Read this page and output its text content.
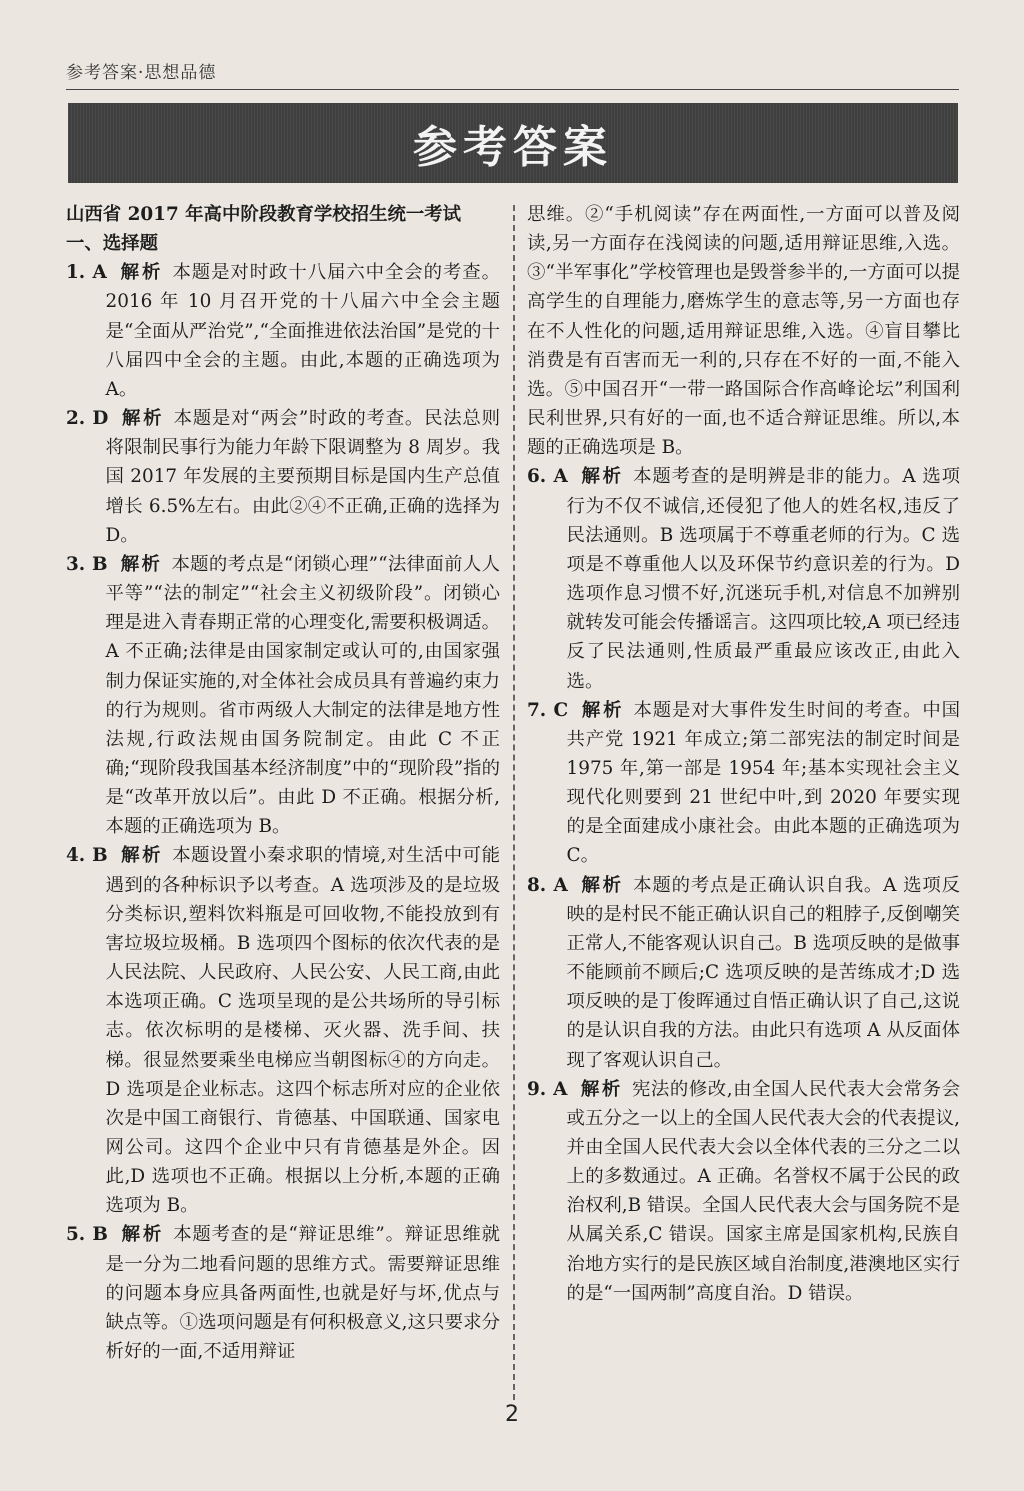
参考答案·思想品德
参考答案

山西省 2017 年高中阶段教育学校招生统一考试

一、选择题

1. A 解析 本题是对时政十八届六中全会的考查。2016 年 10 月召开党的十八届六中全会主题是“全面从严治党”,“全面推进依法治国”是党的十八届四中全会的主题。由此,本题的正确选项为 A。

2. D 解析 本题是对“两会”时政的考查。民法总则将限制民事行为能力年龄下限调整为 8 周岁。我国 2017 年发展的主要预期目标是国内生产总值增长 6.5%左右。由此②④不正确,正确的选择为 D。

3. B 解析 本题的考点是“闭锁心理”“法律面前人人平等”“法的制定”“社会主义初级阶段”。闭锁心理是进入青春期正常的心理变化,需要积极调适。A 不正确;法律是由国家制定或认可的,由国家强制力保证实施的,对全体社会成员具有普遍约束力的行为规则。省市两级人大制定的法律是地方性法规,行政法规由国务院制定。由此 C 不正确;“现阶段我国基本经济制度”中的“现阶段”指的是“改革开放以后”。由此 D 不正确。根据分析,本题的正确选项为 B。

4. B 解析 本题设置小秦求职的情境,对生活中可能遇到的各种标识予以考查。A 选项涉及的是垃圾分类标识,塑料饮料瓶是可回收物,不能投放到有害垃圾垃圾桶。B 选项四个图标的依次代表的是人民法院、人民政府、人民公安、人民工商,由此本选项正确。C 选项呈现的是公共场所的导引标志。依次标明的是楼梯、灭火器、洗手间、扶梯。很显然要乘坐电梯应当朝图标④的方向走。D 选项是企业标志。这四个标志所对应的企业依次是中国工商银行、肯德基、中国联通、国家电网公司。这四个企业中只有肯德基是外企。因此,D 选项也不正确。根据以上分析,本题的正确选项为 B。

5. B 解析 本题考查的是“辩证思维”。辩证思维就是一分为二地看问题的思维方式。需要辩证思维的问题本身应具备两面性,也就是好与坏,优点与缺点等。①选项问题是有何积极意义,这只要求分析好的一面,不适用辩证

思维。②“手机阅读”存在两面性,一方面可以普及阅读,另一方面存在浅阅读的问题,适用辩证思维,入选。③“半军事化”学校管理也是毁誉参半的,一方面可以提高学生的自理能力,磨炼学生的意志等,另一方面也存在不人性化的问题,适用辩证思维,入选。④盲目攀比消费是有百害而无一利的,只存在不好的一面,不能入选。⑤中国召开“一带一路国际合作高峰论坛”利国利民利世界,只有好的一面,也不适合辩证思维。所以,本题的正确选项是 B。

6. A 解析 本题考查的是明辨是非的能力。A 选项行为不仅不诚信,还侵犯了他人的姓名权,违反了民法通则。B 选项属于不尊重老师的行为。C 选项是不尊重他人以及环保节约意识差的行为。D 选项作息习惯不好,沉迷玩手机,对信息不加辨别就转发可能会传播谣言。这四项比较,A 项已经违反了民法通则,性质最严重最应该改正,由此入选。

7. C 解析 本题是对大事件发生时间的考查。中国共产党 1921 年成立;第二部宪法的制定时间是 1975 年,第一部是 1954 年;基本实现社会主义现代化则要到 21 世纪中叶,到 2020 年要实现的是全面建成小康社会。由此本题的正确选项为 C。

8. A 解析 本题的考点是正确认识自我。A 选项反映的是村民不能正确认识自己的粗脖子,反倒嘲笑正常人,不能客观认识自己。B 选项反映的是做事不能顾前不顾后;C 选项反映的是苦练成才;D 选项反映的是丁俊晖通过自悟正确认识了自己,这说的是认识自我的方法。由此只有选项 A 从反面体现了客观认识自己。

9. A 解析 宪法的修改,由全国人民代表大会常务会或五分之一以上的全国人民代表大会的代表提议,并由全国人民代表大会以全体代表的三分之二以上的多数通过。A 正确。名誉权不属于公民的政治权利,B 错误。全国人民代表大会与国务院不是从属关系,C 错误。国家主席是国家机构,民族自治地方实行的是民族区域自治制度,港澳地区实行的是“一国两制”高度自治。D 错误。

2
